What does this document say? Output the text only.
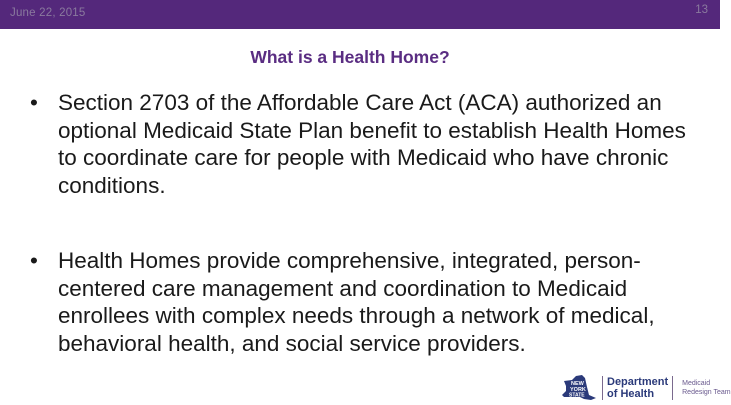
June 22, 2015	13
What is a Health Home?
• Section 2703 of the Affordable Care Act (ACA) authorized an optional Medicaid State Plan benefit to establish Health Homes to coordinate care for people with Medicaid who have chronic conditions.
• Health Homes provide comprehensive, integrated, person-centered care management and coordination to Medicaid enrollees with complex needs through a network of medical, behavioral health, and social service providers.
NEW
YORK
STATE
Department
of Health
Medicaid
Redesign Team
